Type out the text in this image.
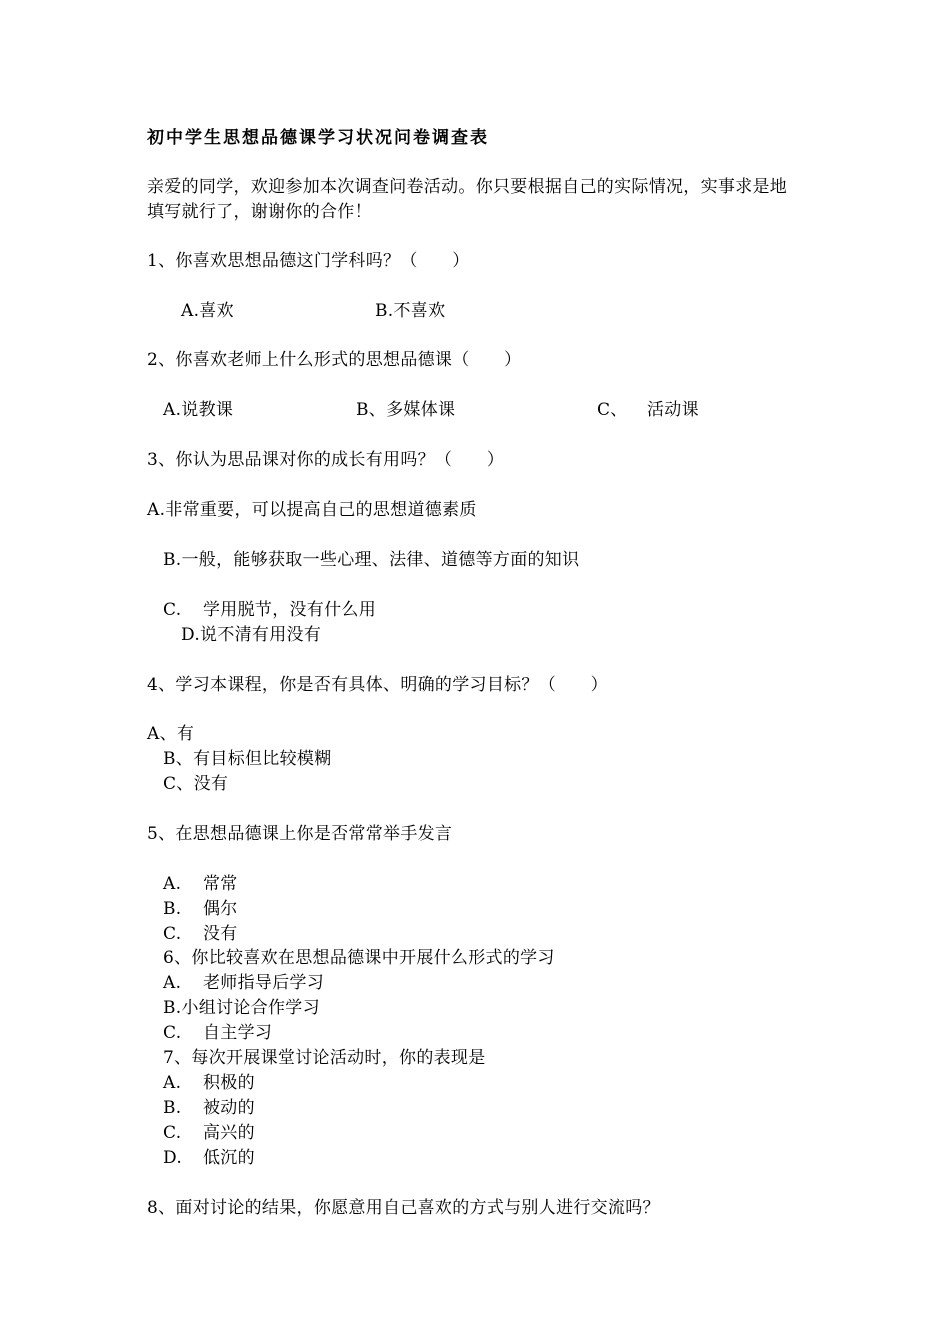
初中学生思想品德课学习状况问卷调查表
亲爱的同学，欢迎参加本次调查问卷活动。你只要根据自己的实际情况，实事求是地
填写就行了，谢谢你的合作！
1、你喜欢思想品德这门学科吗？（　　）
A.喜欢	B.不喜欢
2、你喜欢老师上什么形式的思想品德课（　　）
A.说教课	B、多媒体课	C、 活动课
3、你认为思品课对你的成长有用吗？（　　）
A.非常重要，可以提高自己的思想道德素质
B.一般，能够获取一些心理、法律、道德等方面的知识
C. 学用脱节，没有什么用
D.说不清有用没有
4、学习本课程，你是否有具体、明确的学习目标？（　　）
A、有
B、有目标但比较模糊
C、没有
5、在思想品德课上你是否常常举手发言
A. 常常
B. 偶尔
C. 没有
6、你比较喜欢在思想品德课中开展什么形式的学习
A. 老师指导后学习
B.小组讨论合作学习
C. 自主学习
7、每次开展课堂讨论活动时，你的表现是
A. 积极的
B. 被动的
C. 高兴的
D. 低沉的
8、面对讨论的结果，你愿意用自己喜欢的方式与别人进行交流吗？
